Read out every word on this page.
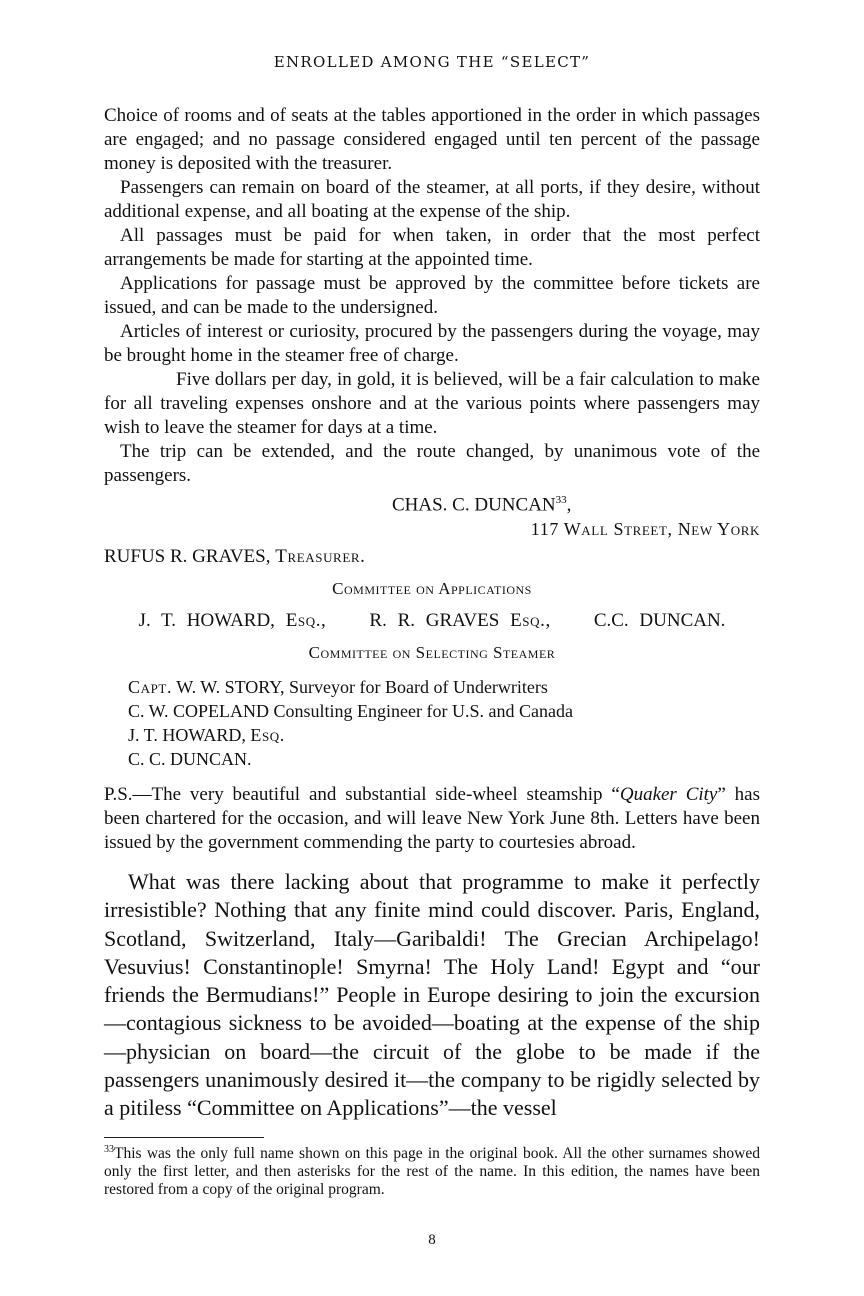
ENROLLED AMONG THE “SELECT”

Choice of rooms and of seats at the tables apportioned in the order in which passages are engaged; and no passage considered engaged until ten percent of the passage money is deposited with the treasurer.

Passengers can remain on board of the steamer, at all ports, if they desire, without additional expense, and all boating at the expense of the ship.

All passages must be paid for when taken, in order that the most perfect arrangements be made for starting at the appointed time.

Applications for passage must be approved by the committee before tickets are issued, and can be made to the undersigned.

Articles of interest or curiosity, procured by the passengers during the voyage, may be brought home in the steamer free of charge.

Five dollars per day, in gold, it is believed, will be a fair calculation to make for all traveling expenses onshore and at the various points where passengers may wish to leave the steamer for days at a time.

The trip can be extended, and the route changed, by unanimous vote of the passengers.

CHAS. C. DUNCAN$^{33}$,

117 Wall Street, New York

RUFUS R. GRAVES, Treasurer.

Committee on Applications

J. T. HOWARD, Esq., R. R. GRAVES Esq., C.C. DUNCAN.

Committee on Selecting Steamer

Capt. W. W. STORY, Surveyor for Board of Underwriters
C. W. COPELAND Consulting Engineer for U.S. and Canada
J. T. HOWARD, Esq.
C. C. DUNCAN.

P.S.—The very beautiful and substantial side-wheel steamship “Quaker City” has been chartered for the occasion, and will leave New York June 8th. Letters have been issued by the government commending the party to courtesies abroad.

What was there lacking about that programme to make it perfectly irresistible? Nothing that any finite mind could discover. Paris, England, Scotland, Switzerland, Italy—Garibaldi! The Grecian Archipelago! Vesuvius! Constantinople! Smyrna! The Holy Land! Egypt and “our friends the Bermudians!” People in Europe desiring to join the excursion—contagious sickness to be avoided—boating at the expense of the ship—physician on board—the circuit of the globe to be made if the passengers unanimously desired it—the company to be rigidly selected by a pitiless “Committee on Applications”—the vessel

$^{33}$This was the only full name shown on this page in the original book. All the other surnames showed only the first letter, and then asterisks for the rest of the name. In this edition, the names have been restored from a copy of the original program.

8
